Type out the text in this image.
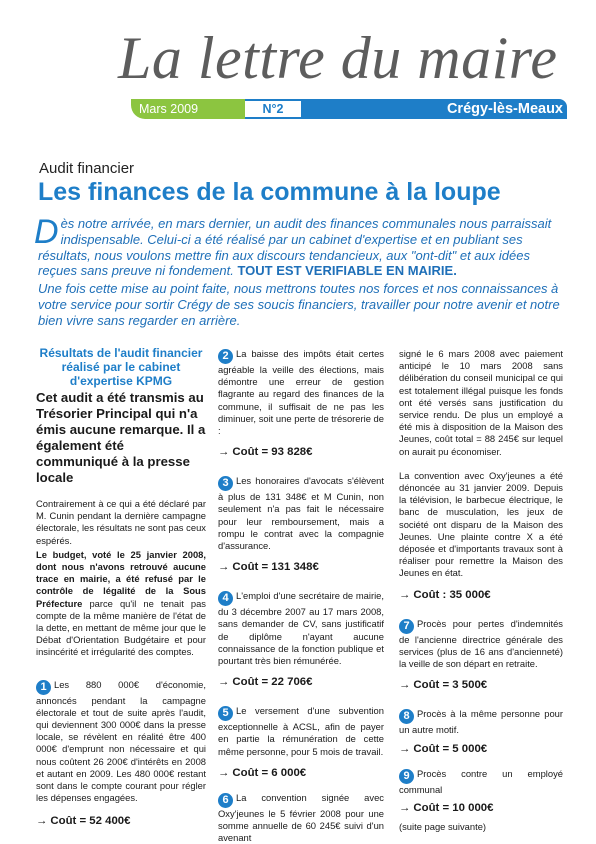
La lettre du maire
Mars 2009	N°2	Crégy-lès-Meaux
Audit financier
Les finances de la commune à la loupe

Dès notre arrivée, en mars dernier, un audit des finances communales nous parraissait indispensable. Celui-ci a été réalisé par un cabinet d'expertise et en publiant ses résultats, nous voulons mettre fin aux discours tendancieux, aux "ont-dit" et aux idées reçues sans preuve ni fondement. TOUT EST VERIFIABLE EN MAIRIE.

Une fois cette mise au point faite, nous mettrons toutes nos forces et nos connaissances à votre service pour sortir Crégy de ses soucis financiers, travailler pour notre avenir et notre bien vivre sans regarder en arrière.

Résultats de l'audit financier réalisé par le cabinet d'expertise KPMG

Cet audit a été transmis au Trésorier Principal qui n'a émis aucune remarque. Il a également été communiqué à la presse locale

Contrairement à ce qui a été déclaré par M. Cunin pendant la dernière campagne électorale, les résultats ne sont pas ceux espérés.

Le budget, voté le 25 janvier 2008, dont nous n'avons retrouvé aucune trace en mairie, a été refusé par le contrôle de légalité de la Sous Préfecture parce qu'il ne tenait pas compte de la même manière de l'état de la dette, en mettant de même jour que le Débat d'Orientation Budgétaire et pour insincérité et irrégularité des comptes.

1 Les 880 000€ d'économie, annoncés pendant la campagne électorale et tout de suite après l'audit, qui deviennent 300 000€ dans la presse locale, se révèlent en réalité être 400 000€ d'emprunt non nécessaire et qui nous coûtent 26 200€ d'intérêts en 2008 et autant en 2009. Les 480 000€ restant sont dans le compte courant pour régler les dépenses engagées.

→ Coût = 52 400€

2 La baisse des impôts était certes agréable la veille des élections, mais démontre une erreur de gestion flagrante au regard des finances de la commune, il suffisait de ne pas les diminuer, soit une perte de trésorerie de :

→ Coût = 93 828€

3 Les honoraires d'avocats s'élèvent à plus de 131 348€ et M Cunin, non seulement n'a pas fait le nécessaire pour leur remboursement, mais a rompu le contrat avec la compagnie d'assurance.

→ Coût = 131 348€

4 L'emploi d'une secrétaire de mairie, du 3 décembre 2007 au 17 mars 2008, sans demander de CV, sans justificatif de diplôme n'ayant aucune connaissance de la fonction publique et pourtant très bien rémunérée.

→ Coût = 22 706€

5 Le versement d'une subvention exceptionnelle à ACSL, afin de payer en partie la rémunération de cette même personne, pour 5 mois de travail.

→ Coût = 6 000€

6 La convention signée avec Oxy'jeunes le 5 février 2008 pour une somme annuelle de 60 245€ suivi d'un avenant

signé le 6 mars 2008 avec paiement anticipé le 10 mars 2008 sans délibération du conseil municipal ce qui est totalement illégal puisque les fonds ont été versés sans justification du service rendu. De plus un employé a été mis à disposition de la Maison des Jeunes, coût total = 88 245€ sur lequel on aurait pu économiser.

La convention avec Oxy'jeunes a été dénoncée au 31 janvier 2009. Depuis la télévision, le barbecue électrique, le banc de musculation, les jeux de société ont disparu de la Maison des Jeunes. Une plainte contre X a été déposée et d'importants travaux sont à réaliser pour remettre la Maison des Jeunes en état.

→ Coût : 35 000€

7 Procès pour pertes d'indemnités de l'ancienne directrice générale des services (plus de 16 ans d'ancienneté) la veille de son départ en retraite.

→ Coût = 3 500€

8 Procès à la même personne pour un autre motif.

→ Coût = 5 000€

9 Procès contre un employé communal

→ Coût = 10 000€

(suite page suivante)
